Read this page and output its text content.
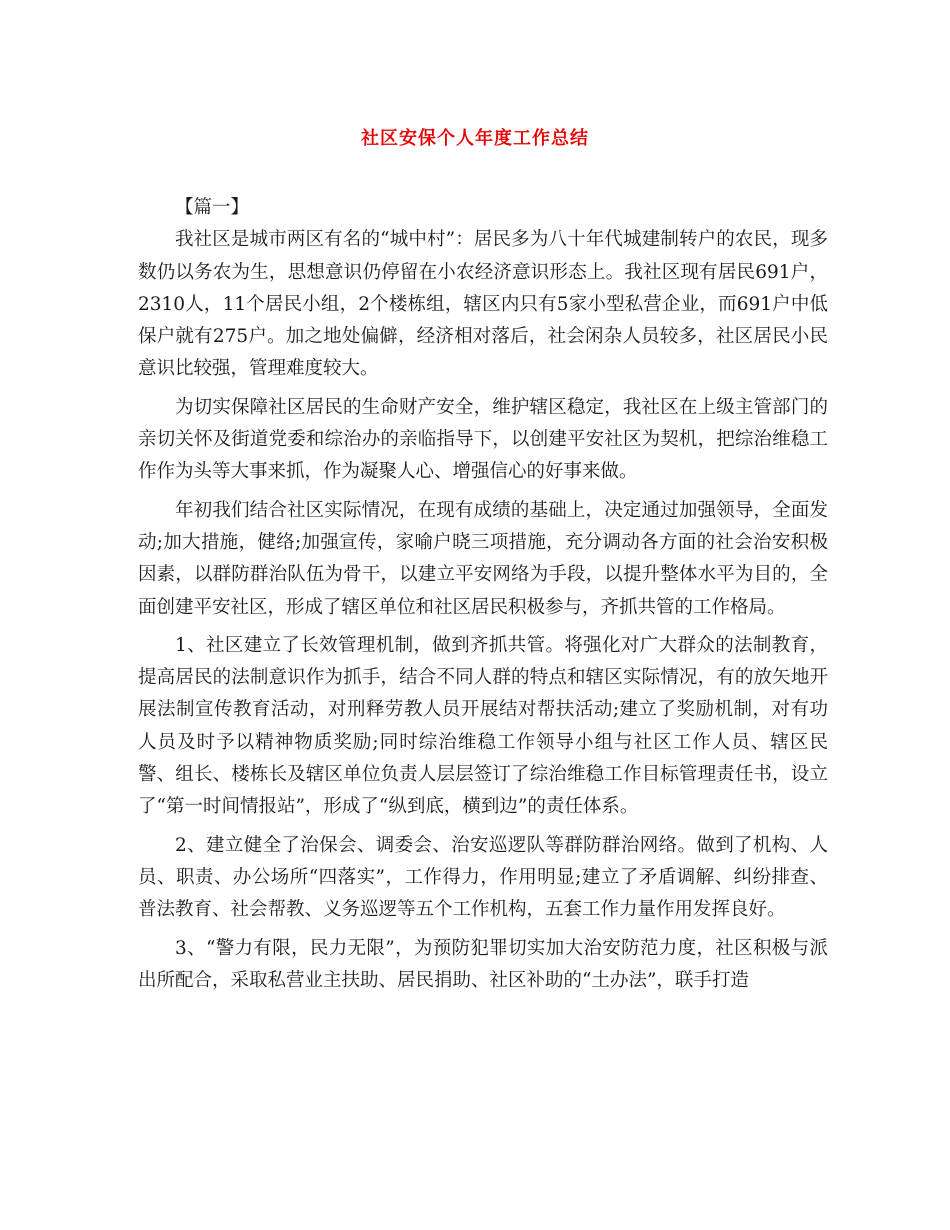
社区安保个人年度工作总结

【篇一】

我社区是城市两区有名的“城中村”：居民多为八十年代城建制转户的农民，现多数仍以务农为生，思想意识仍停留在小农经济意识形态上。我社区现有居民691户，2310人，11个居民小组，2个楼栋组，辖区内只有5家小型私营企业，而691户中低保户就有275户。加之地处偏僻，经济相对落后，社会闲杂人员较多，社区居民小民意识比较强，管理难度较大。

为切实保障社区居民的生命财产安全，维护辖区稳定，我社区在上级主管部门的亲切关怀及街道党委和综治办的亲临指导下，以创建平安社区为契机，把综治维稳工作作为头等大事来抓，作为凝聚人心、增强信心的好事来做。

年初我们结合社区实际情况，在现有成绩的基础上，决定通过加强领导，全面发动;加大措施，健络;加强宣传，家喻户晓三项措施，充分调动各方面的社会治安积极因素，以群防群治队伍为骨干，以建立平安网络为手段，以提升整体水平为目的，全面创建平安社区，形成了辖区单位和社区居民积极参与，齐抓共管的工作格局。

1、社区建立了长效管理机制，做到齐抓共管。将强化对广大群众的法制教育，提高居民的法制意识作为抓手，结合不同人群的特点和辖区实际情况，有的放矢地开展法制宣传教育活动，对刑释劳教人员开展结对帮扶活动;建立了奖励机制，对有功人员及时予以精神物质奖励;同时综治维稳工作领导小组与社区工作人员、辖区民警、组长、楼栋长及辖区单位负责人层层签订了综治维稳工作目标管理责任书，设立了“第一时间情报站”，形成了“纵到底，横到边”的责任体系。

2、建立健全了治保会、调委会、治安巡逻队等群防群治网络。做到了机构、人员、职责、办公场所“四落实”，工作得力，作用明显;建立了矛盾调解、纠纷排查、普法教育、社会帮教、义务巡逻等五个工作机构，五套工作力量作用发挥良好。

3、“警力有限，民力无限”，为预防犯罪切实加大治安防范力度，社区积极与派出所配合，采取私营业主扶助、居民捐助、社区补助的“土办法”，联手打造
